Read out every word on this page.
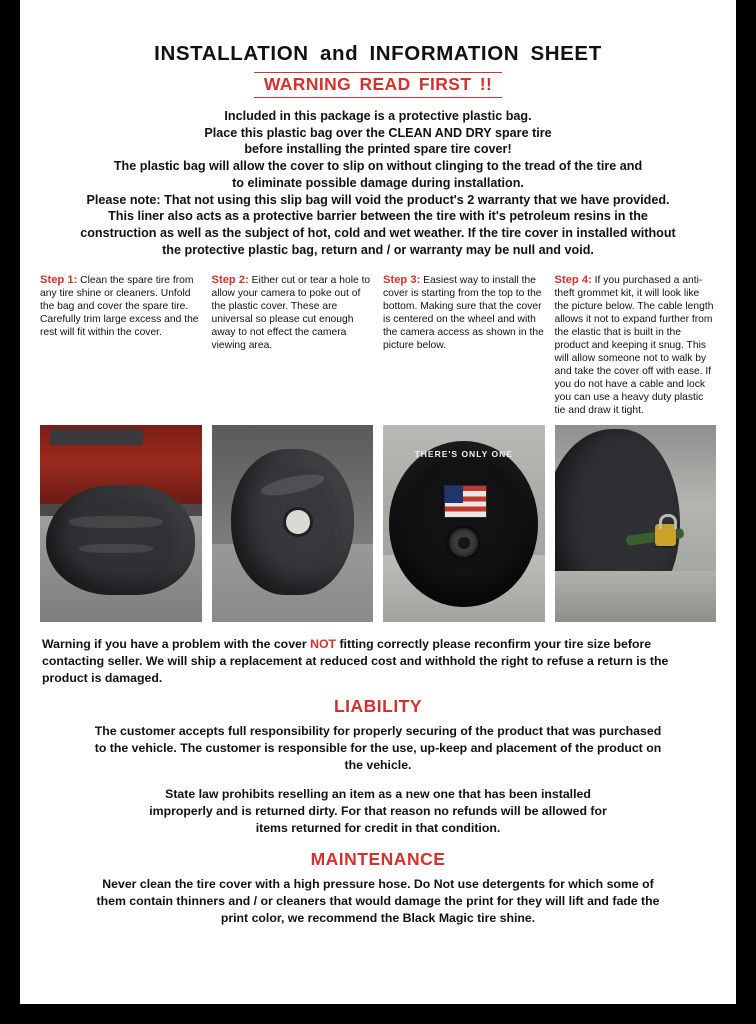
INSTALLATION and INFORMATION SHEET
WARNING READ FIRST !!

Included in this package is a protective plastic bag.

Place this plastic bag over the CLEAN AND DRY spare tire

before installing the printed spare tire cover!

The plastic bag will allow the cover to slip on without clinging to the tread of the tire and

to eliminate possible damage during installation.

Please note: That not using this slip bag will void the product's 2 warranty that we have provided.

This liner also acts as a protective barrier between the tire with it's petroleum resins in the

construction as well as the subject of hot, cold and wet weather. If the tire cover in installed without

the protective plastic bag, return and / or warranty may be null and void.

Step 1: Clean the spare tire from any tire shine or cleaners. Unfold the bag and cover the spare tire. Carefully trim large excess and the rest will fit within the cover.
Step 2: Either cut or tear a hole to allow your camera to poke out of the plastic cover. These are universal so please cut enough away to not effect the camera viewing area.
Step 3: Easiest way to install the cover is starting from the top to the bottom. Making sure that the cover is centered on the wheel and with the camera access as shown in the picture below.
Step 4: If you purchased a anti-theft grommet kit, it will look like the picture below. The cable length allows it not to expand further from the elastic that is built in the product and keeping it snug. This will allow someone not to walk by and take the cover off with ease. If you do not have a cable and lock you can use a heavy duty plastic tie and draw it tight.
THERE'S ONLY ONE
Warning if you have a problem with the cover NOT fitting correctly please reconfirm your tire size before contacting seller. We will ship a replacement at reduced cost and withhold the right to refuse a return is the product is damaged.
LIABILITY

The customer accepts full responsibility for properly securing of the product that was purchased

to the vehicle. The customer is responsible for the use, up-keep and placement of the product on

the vehicle.

State law prohibits reselling an item as a new one that has been installed

improperly and is returned dirty. For that reason no refunds will be allowed for

items returned for credit in that condition.

MAINTENANCE

Never clean the tire cover with a high pressure hose. Do Not use detergents for which some of

them contain thinners and / or cleaners that would damage the print for they will lift and fade the

print color, we recommend the Black Magic tire shine.
